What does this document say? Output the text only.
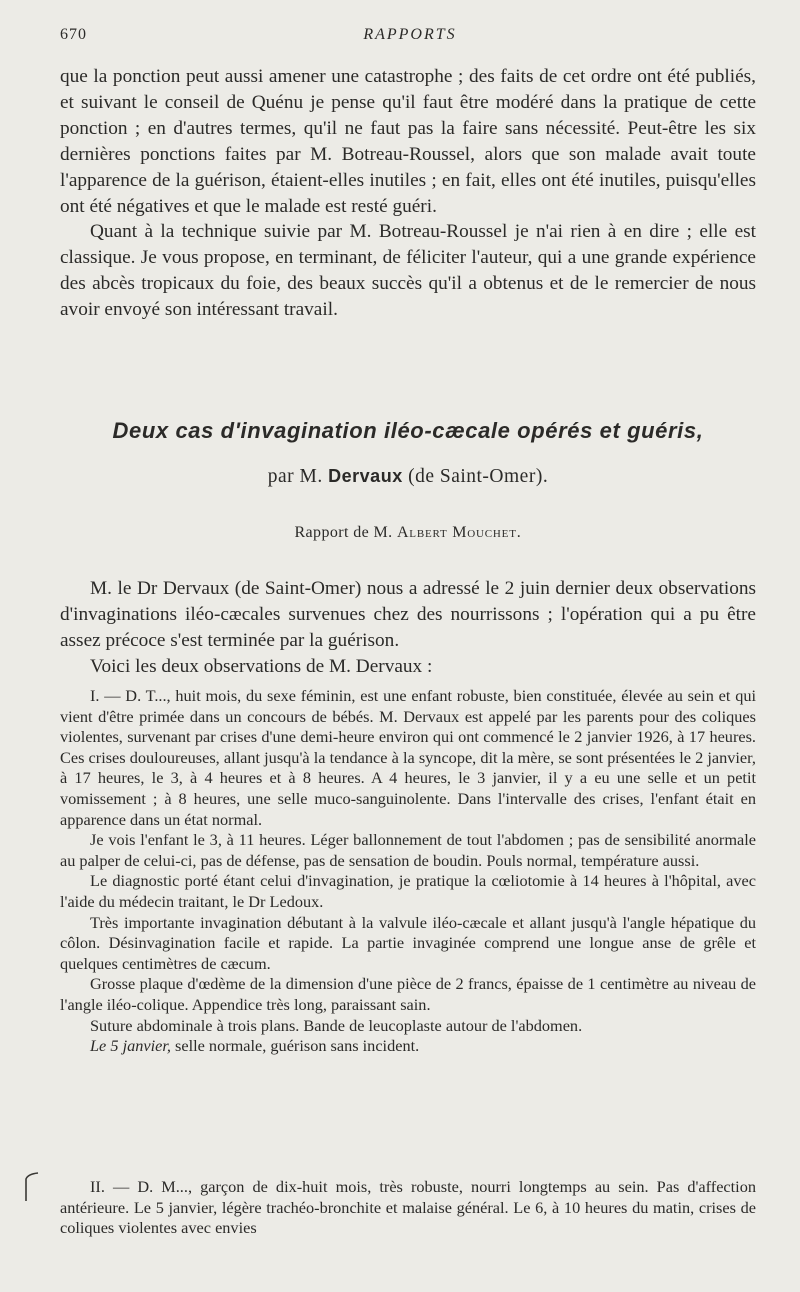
670	RAPPORTS

que la ponction peut aussi amener une catastrophe ; des faits de cet ordre ont été publiés, et suivant le conseil de Quénu je pense qu'il faut être modéré dans la pratique de cette ponction ; en d'autres termes, qu'il ne faut pas la faire sans nécessité. Peut-être les six dernières ponctions faites par M. Botreau-Roussel, alors que son malade avait toute l'apparence de la guérison, étaient-elles inutiles ; en fait, elles ont été inutiles, puisqu'elles ont été négatives et que le malade est resté guéri.

Quant à la technique suivie par M. Botreau-Roussel je n'ai rien à en dire ; elle est classique. Je vous propose, en terminant, de féliciter l'auteur, qui a une grande expérience des abcès tropicaux du foie, des beaux succès qu'il a obtenus et de le remercier de nous avoir envoyé son intéressant travail.

Deux cas d'invagination iléo-cæcale opérés et guéris,
par M. Dervaux (de Saint-Omer).
Rapport de M. Albert Mouchet.

M. le Dr Dervaux (de Saint-Omer) nous a adressé le 2 juin dernier deux observations d'invaginations iléo-cæcales survenues chez des nourrissons ; l'opération qui a pu être assez précoce s'est terminée par la guérison.

Voici les deux observations de M. Dervaux :

I. — D. T..., huit mois, du sexe féminin, est une enfant robuste, bien constituée, élevée au sein et qui vient d'être primée dans un concours de bébés. M. Dervaux est appelé par les parents pour des coliques violentes, survenant par crises d'une demi-heure environ qui ont commencé le 2 janvier 1926, à 17 heures. Ces crises douloureuses, allant jusqu'à la tendance à la syncope, dit la mère, se sont présentées le 2 janvier, à 17 heures, le 3, à 4 heures et à 8 heures. A 4 heures, le 3 janvier, il y a eu une selle et un petit vomissement ; à 8 heures, une selle muco-sanguinolente. Dans l'intervalle des crises, l'enfant était en apparence dans un état normal.

Je vois l'enfant le 3, à 11 heures. Léger ballonnement de tout l'abdomen ; pas de sensibilité anormale au palper de celui-ci, pas de défense, pas de sensation de boudin. Pouls normal, température aussi.

Le diagnostic porté étant celui d'invagination, je pratique la cœliotomie à 14 heures à l'hôpital, avec l'aide du médecin traitant, le Dr Ledoux.

Très importante invagination débutant à la valvule iléo-cæcale et allant jusqu'à l'angle hépatique du côlon. Désinvagination facile et rapide. La partie invaginée comprend une longue anse de grêle et quelques centimètres de cæcum.

Grosse plaque d'œdème de la dimension d'une pièce de 2 francs, épaisse de 1 centimètre au niveau de l'angle iléo-colique. Appendice très long, paraissant sain.

Suture abdominale à trois plans. Bande de leucoplaste autour de l'abdomen.

Le 5 janvier, selle normale, guérison sans incident.

II. — D. M..., garçon de dix-huit mois, très robuste, nourri longtemps au sein. Pas d'affection antérieure. Le 5 janvier, légère trachéo-bronchite et malaise général. Le 6, à 10 heures du matin, crises de coliques violentes avec envies
